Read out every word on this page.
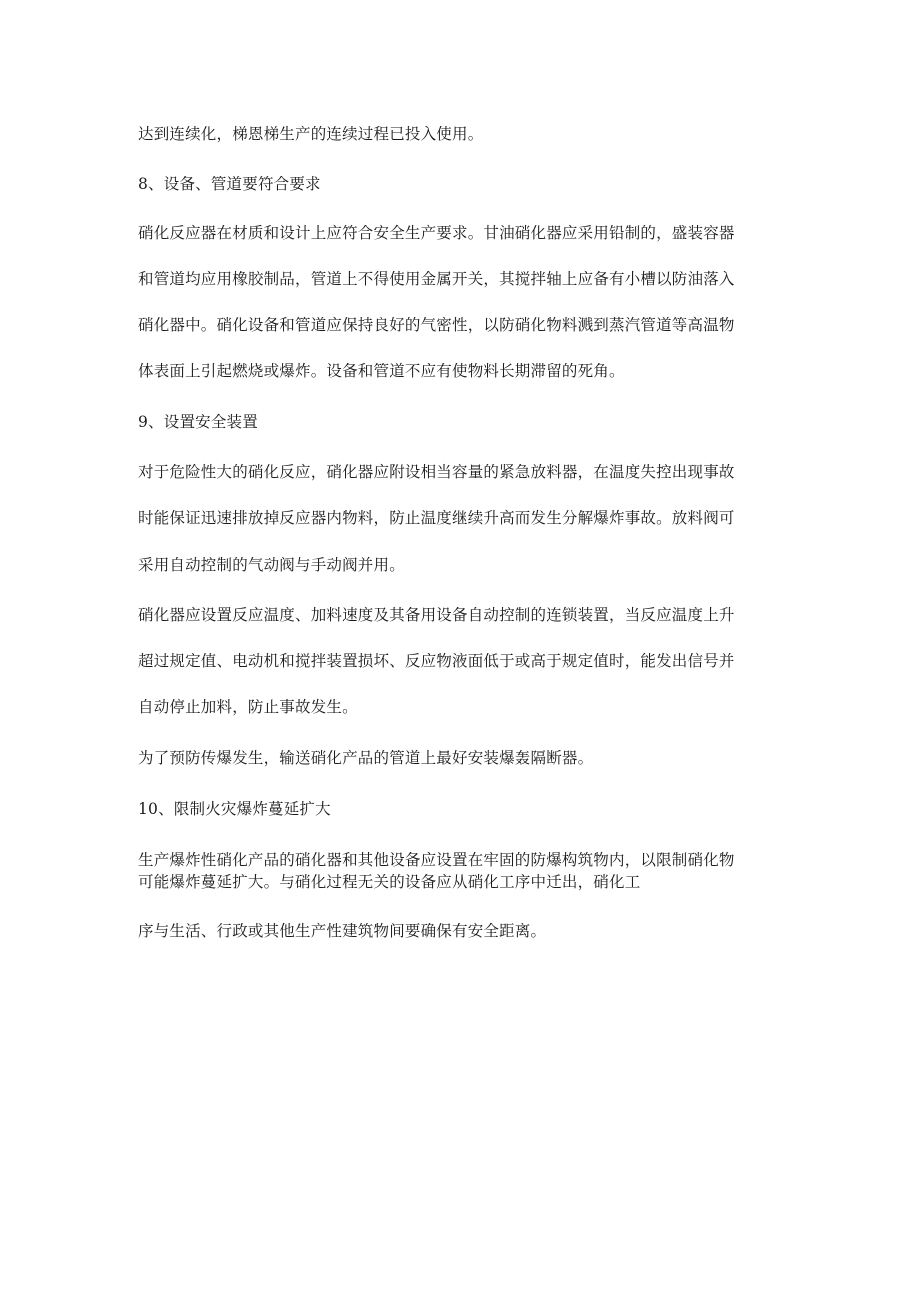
达到连续化，梯恩梯生产的连续过程已投入使用。

8、设备、管道要符合要求

硝化反应器在材质和设计上应符合安全生产要求。甘油硝化器应采用铅制的，盛装容器

和管道均应用橡胶制品，管道上不得使用金属开关，其搅拌轴上应备有小槽以防油落入

硝化器中。硝化设备和管道应保持良好的气密性，以防硝化物料溅到蒸汽管道等高温物

体表面上引起燃烧或爆炸。设备和管道不应有使物料长期滞留的死角。

9、设置安全装置

对于危险性大的硝化反应，硝化器应附设相当容量的紧急放料器，在温度失控出现事故

时能保证迅速排放掉反应器内物料，防止温度继续升高而发生分解爆炸事故。放料阀可

采用自动控制的气动阀与手动阀并用。

硝化器应设置反应温度、加料速度及其备用设备自动控制的连锁装置，当反应温度上升

超过规定值、电动机和搅拌装置损坏、反应物液面低于或高于规定值时，能发出信号并

自动停止加料，防止事故发生。

为了预防传爆发生，输送硝化产品的管道上最好安装爆轰隔断器。

10、限制火灾爆炸蔓延扩大

生产爆炸性硝化产品的硝化器和其他设备应设置在牢固的防爆构筑物内，以限制硝化物

可能爆炸蔓延扩大。与硝化过程无关的设备应从硝化工序中迁出，硝化工

序与生活、行政或其他生产性建筑物间要确保有安全距离。
